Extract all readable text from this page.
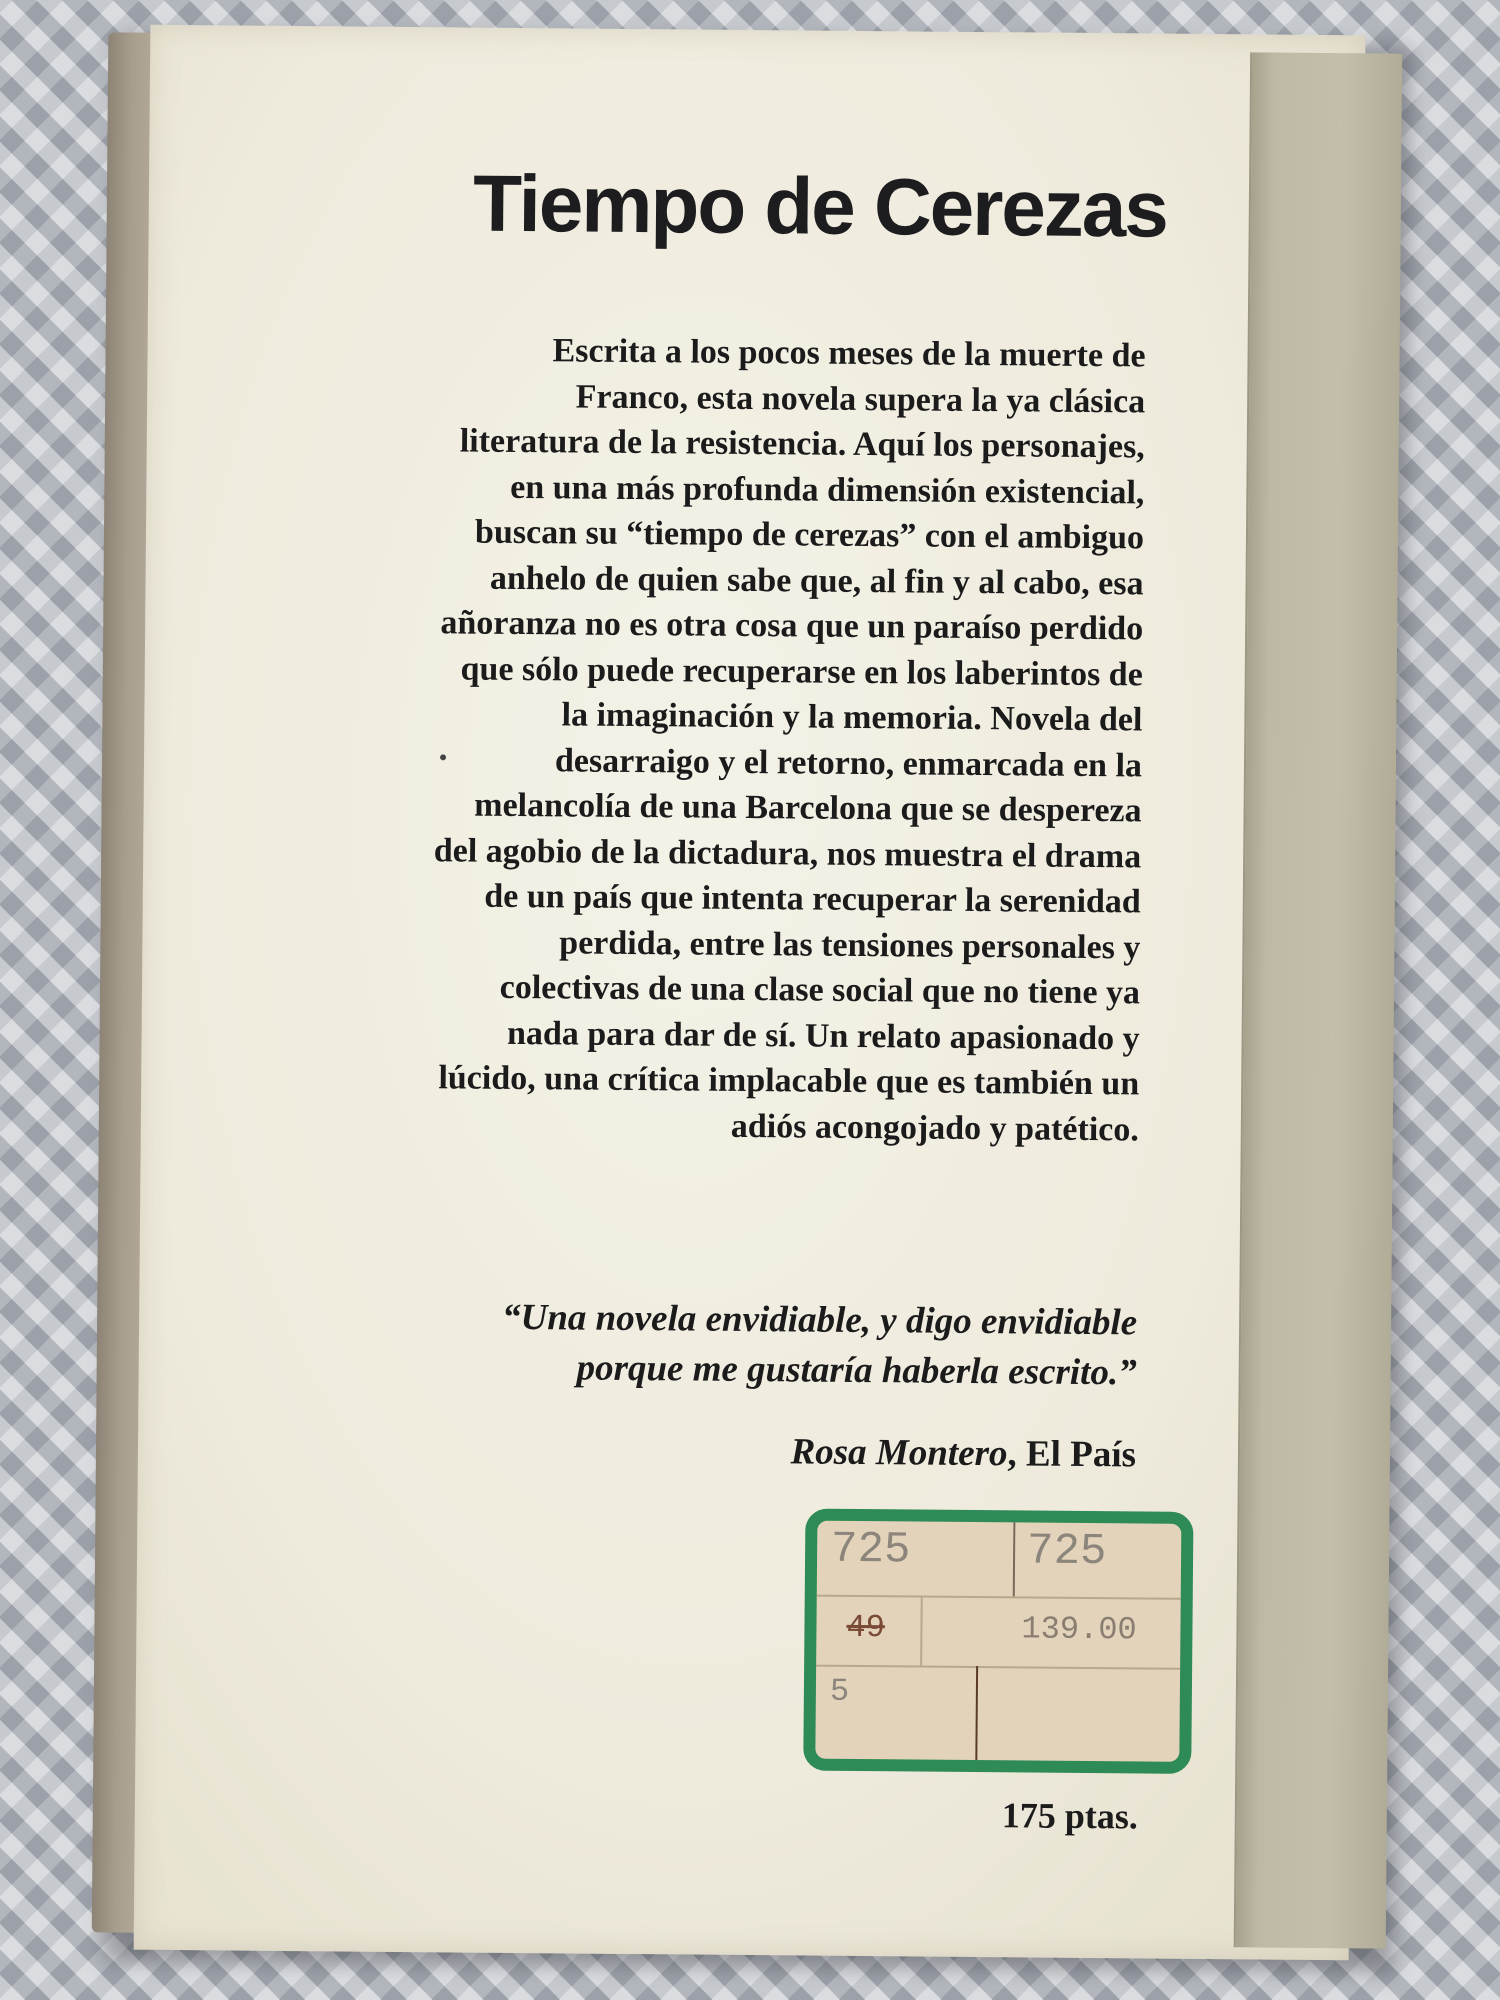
Tiempo de Cerezas
Escrita a los pocos meses de la muerte de
Franco, esta novela supera la ya clásica
literatura de la resistencia. Aquí los personajes,
en una más profunda dimensión existencial,
buscan su “tiempo de cerezas” con el ambiguo
anhelo de quien sabe que, al fin y al cabo, esa
añoranza no es otra cosa que un paraíso perdido
que sólo puede recuperarse en los laberintos de
la imaginación y la memoria. Novela del
desarraigo y el retorno, enmarcada en la
melancolía de una Barcelona que se desperezа
del agobio de la dictadura, nos muestra el drama
de un país que intenta recuperar la serenidad
perdida, entre las tensiones personales y
colectivas de una clase social que no tiene ya
nada para dar de sí. Un relato apasionado y
lúcido, una crítica implacable que es también un
adiós acongojado y patético.
“Una novela envidiable, y digo envidiable
porque me gustaría haberla escrito.”
Rosa Montero, El País
725	725
49	139.00
5
175 ptas.
